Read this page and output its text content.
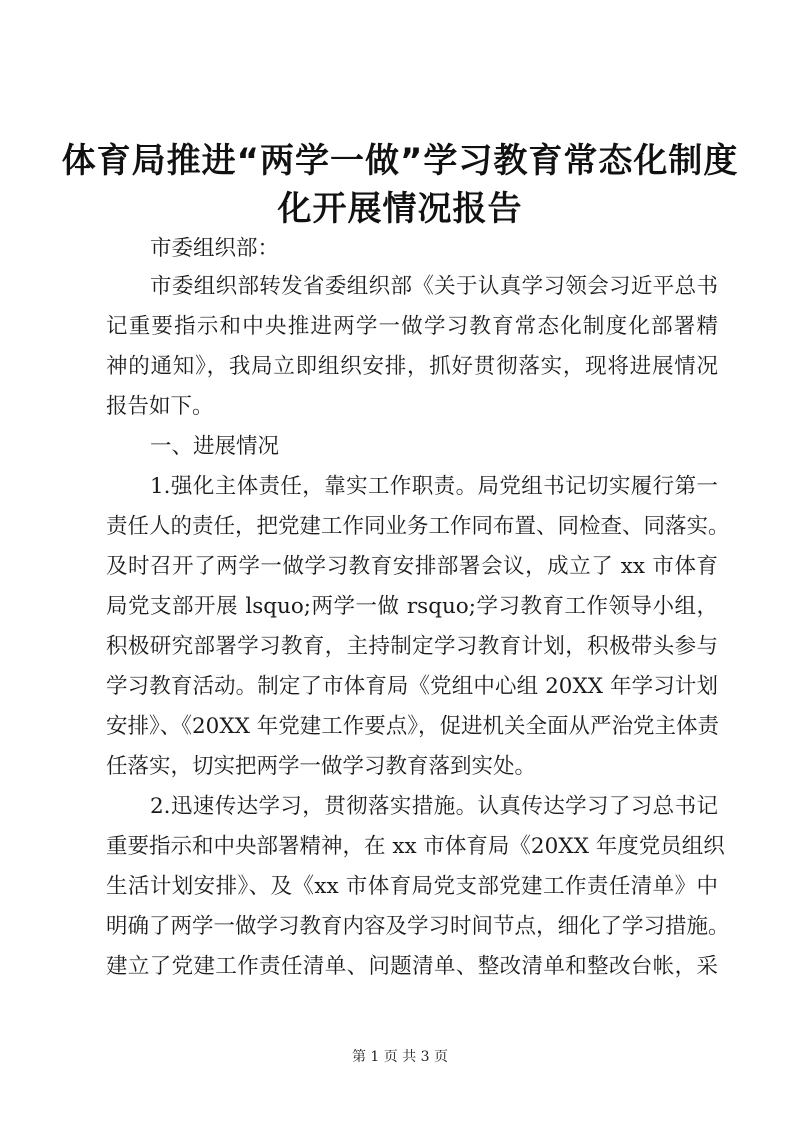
体育局推进“两学一做”学习教育常态化制度
化开展情况报告
市委组织部：
市委组织部转发省委组织部《关于认真学习领会习近平总书
记重要指示和中央推进两学一做学习教育常态化制度化部署精
神的通知》，我局立即组织安排，抓好贯彻落实，现将进展情况
报告如下。
一、进展情况
1.强化主体责任，靠实工作职责。局党组书记切实履行第一
责任人的责任，把党建工作同业务工作同布置、同检查、同落实。
及时召开了两学一做学习教育安排部署会议，成立了 xx 市体育
局党支部开展 lsquo;两学一做 rsquo;学习教育工作领导小组，
积极研究部署学习教育，主持制定学习教育计划，积极带头参与
学习教育活动。制定了市体育局《党组中心组 20XX 年学习计划
安排》、《20XX 年党建工作要点》，促进机关全面从严治党主体责
任落实，切实把两学一做学习教育落到实处。
2.迅速传达学习，贯彻落实措施。认真传达学习了习总书记
重要指示和中央部署精神，在 xx 市体育局《20XX 年度党员组织
生活计划安排》、及《xx 市体育局党支部党建工作责任清单》中
明确了两学一做学习教育内容及学习时间节点，细化了学习措施。
建立了党建工作责任清单、问题清单、整改清单和整改台帐，采
第 1 页 共 3 页
